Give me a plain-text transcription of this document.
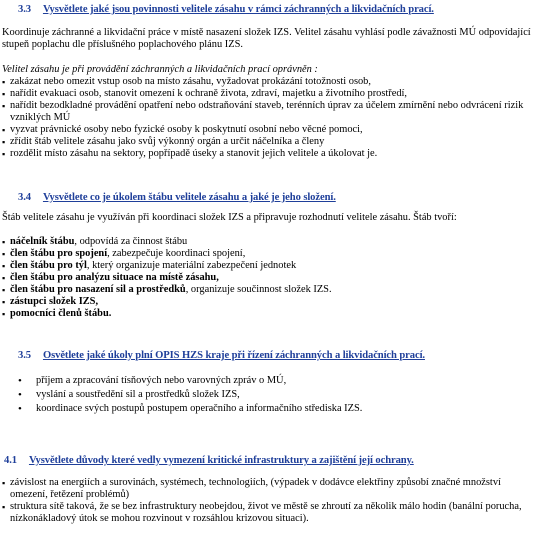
3.3 Vysvětlete jaké jsou povinnosti velitele zásahu v rámci záchranných a likvidačních prací.

Koordinuje záchranné a likvidační práce v místě nasazení složek IZS. Velitel zásahu vyhlásí podle závažnosti MÚ odpovídající stupeň poplachu dle příslušného poplachového plánu IZS.

Velitel zásahu je při provádění záchranných a likvidačních prací oprávněn :

▪ zakázat nebo omezit vstup osob na místo zásahu, vyžadovat prokázání totožnosti osob,
▪ nařídit evakuaci osob, stanovit omezení k ochraně života, zdraví, majetku a životního prostředí,
▪ nařídit bezodkladné provádění opatření nebo odstraňování staveb, terénních úprav za účelem zmírnění nebo odvrácení rizik vzniklých MÚ
▪ vyzvat právnické osoby nebo fyzické osoby k poskytnutí osobní nebo věcné pomoci,
▪ zřídit štáb velitele zásahu jako svůj výkonný orgán a určit náčelníka a členy
▪ rozdělit místo zásahu na sektory, popřípadě úseky a stanovit jejich velitele a úkolovat je.
3.4 Vysvětlete co je úkolem štábu velitele zásahu a jaké je jeho složení.

Štáb velitele zásahu je využíván při koordinaci složek IZS a připravuje rozhodnutí velitele zásahu. Štáb tvoří:

▪ náčelník štábu, odpovídá za činnost štábu
▪ člen štábu pro spojení, zabezpečuje koordinaci spojení,
▪ člen štábu pro týl, který organizuje materiální zabezpečení jednotek
▪ člen štábu pro analýzu situace na místě zásahu,
▪ člen štábu pro nasazení sil a prostředků, organizuje součinnost složek IZS.
▪ zástupci složek IZS,
▪ pomocníci členů štábu.
3.5 Osvětlete jaké úkoly plní OPIS HZS kraje při řízení záchranných a likvidačních prací.
• příjem a zpracování tísňových nebo varovných zpráv o MÚ,
• vyslání a soustředění sil a prostředků složek IZS,
• koordinace svých postupů postupem operačního a informačního střediska IZS.
4.1 Vysvětlete důvody které vedly vymezení kritické infrastruktury a zajištění její ochrany.
▪ závislost na energiích a surovinách, systémech, technologiích, (výpadek v dodávce elektřiny způsobí značné množství omezení, řetězení problémů)
▪ struktura sítě taková, že se bez infrastruktury neobejdou, život ve městě se zhroutí za několik málo hodin (banální porucha, nízkonákladový útok se mohou rozvinout v rozsáhlou krizovou situaci).
